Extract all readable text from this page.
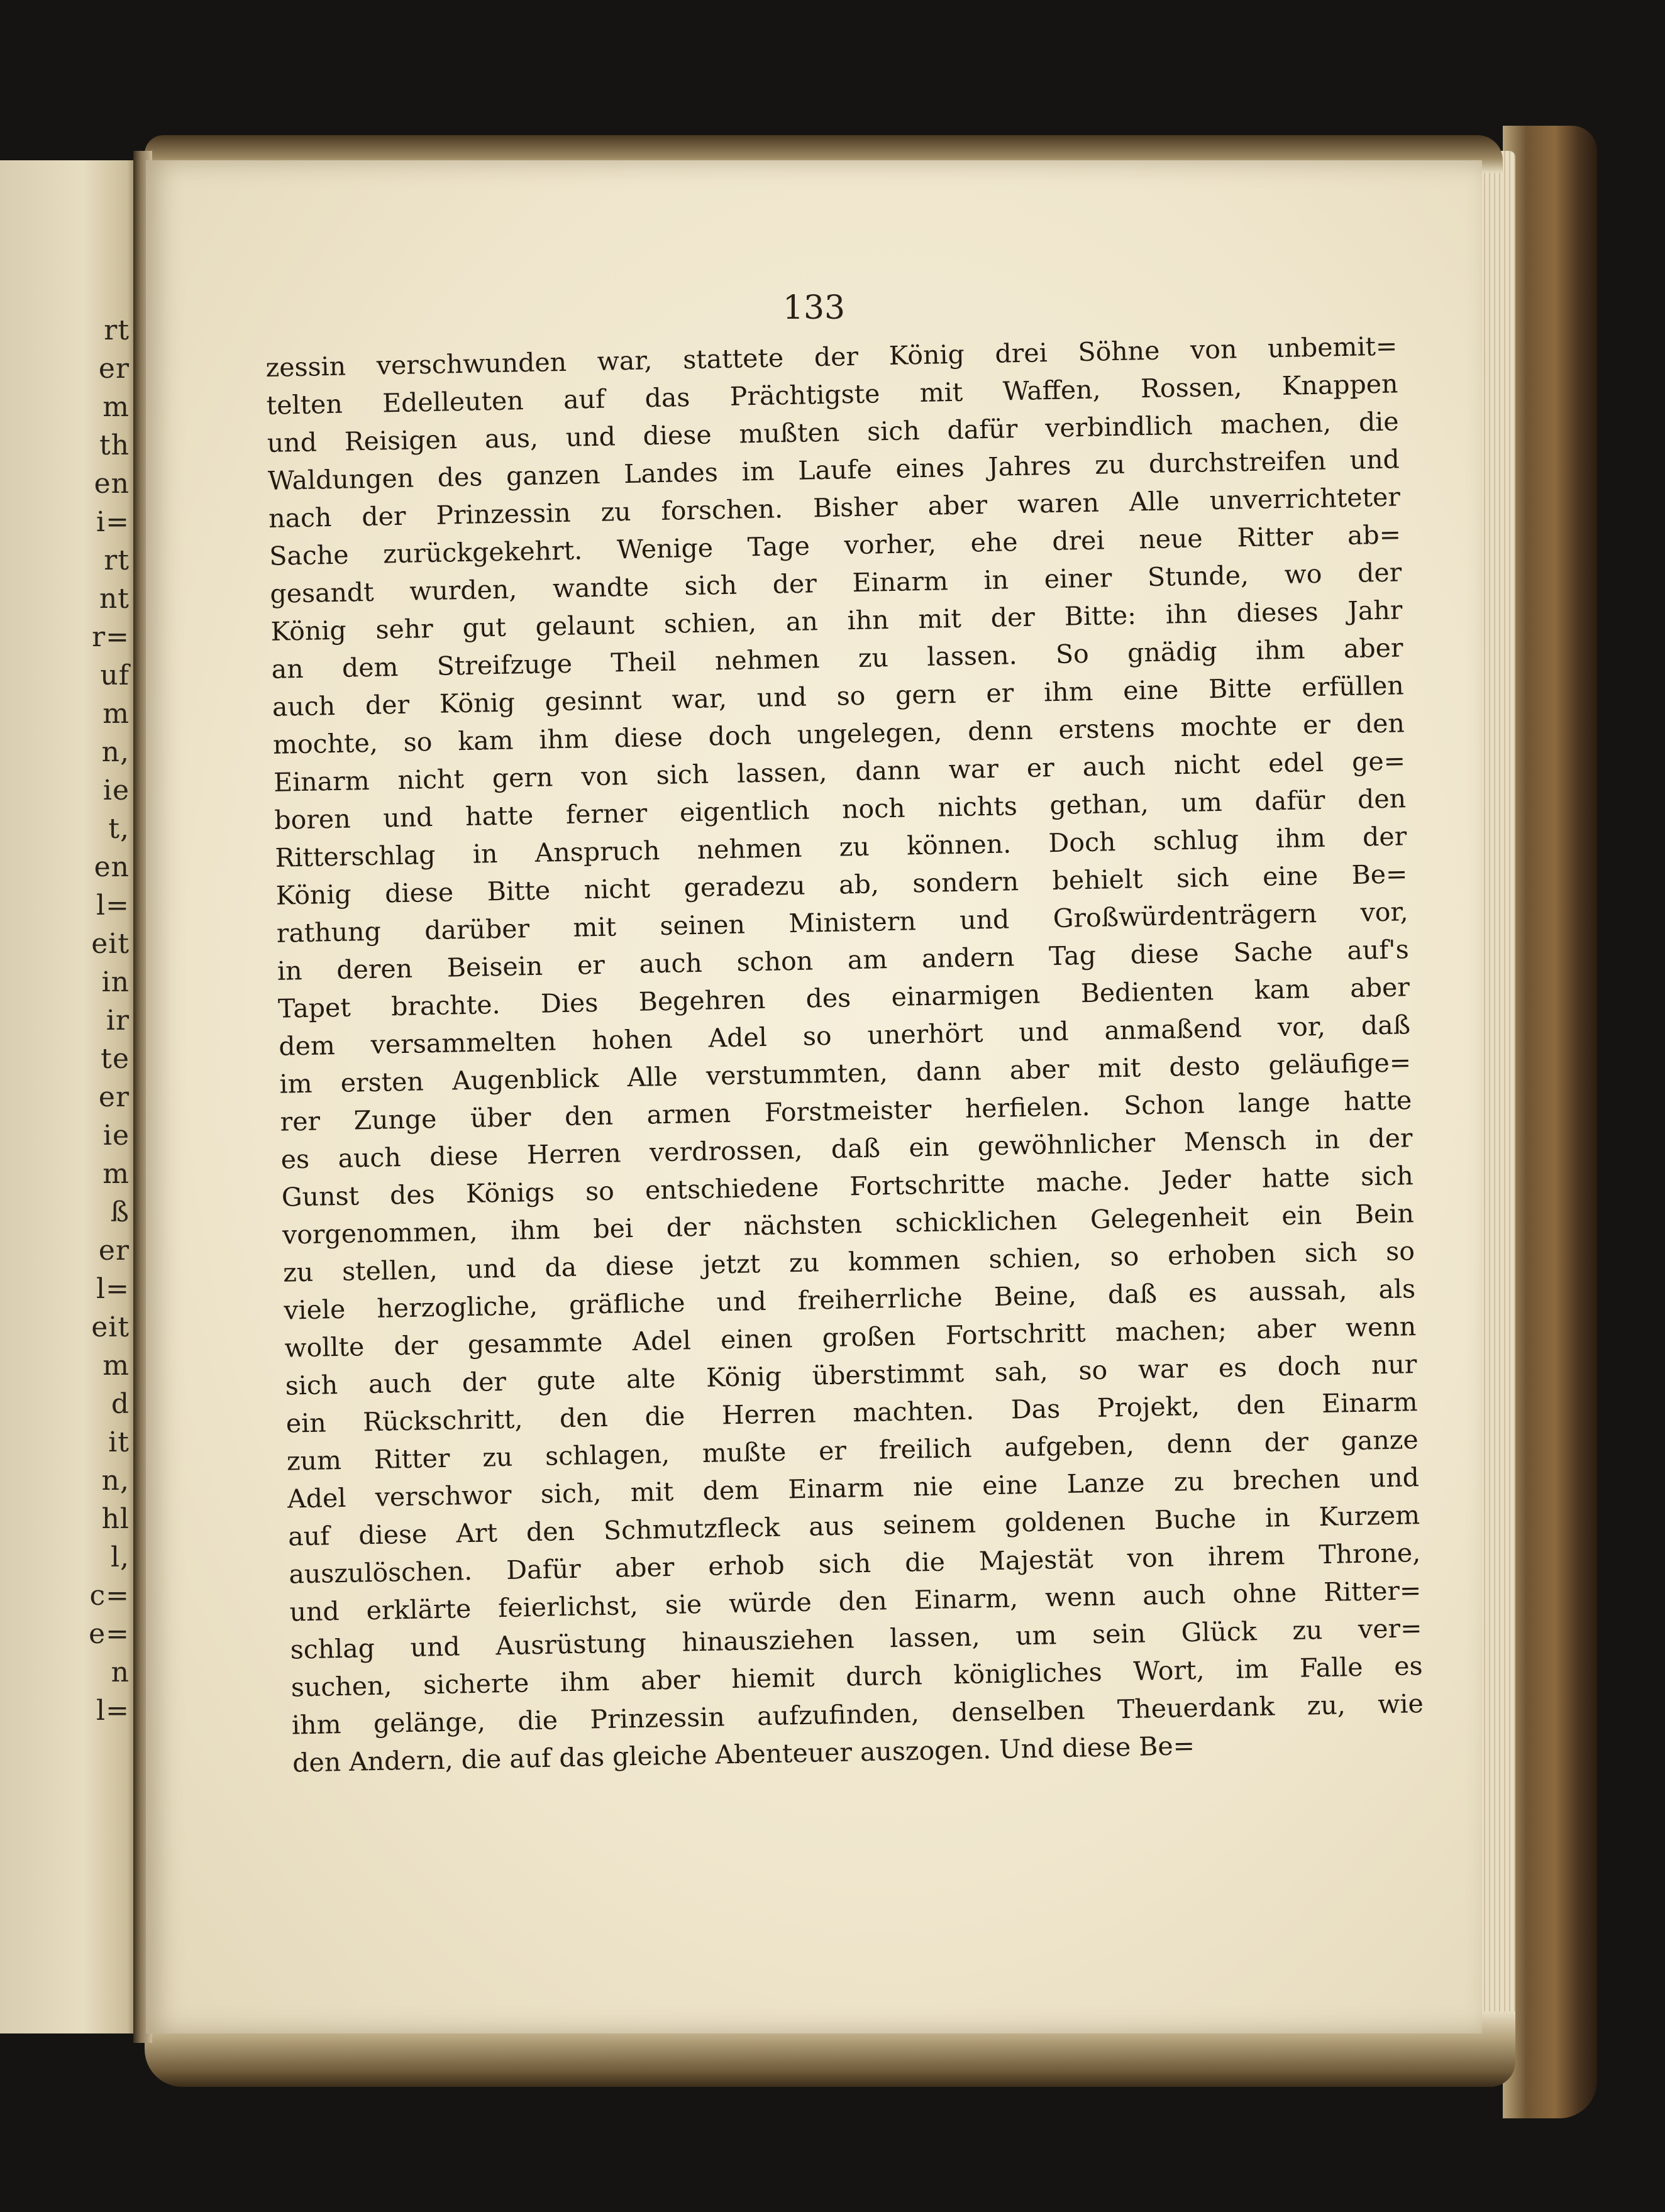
rt
er
m
th
en
i=
rt
nt
r=
uf
m
n,
ie
t,
en
l=
eit
in
ir
te
er
ie
m
ß
er
l=
eit
m
d
it
n,
hl
l,
c=
e=
n
l=
133
zessin verschwunden war, stattete der König drei Söhne von unbemit=
telten Edelleuten auf das Prächtigste mit Waffen, Rossen, Knappen
und Reisigen aus, und diese mußten sich dafür verbindlich machen, die
Waldungen des ganzen Landes im Laufe eines Jahres zu durchstreifen und
nach der Prinzessin zu forschen. Bisher aber waren Alle unverrichteter
Sache zurückgekehrt. Wenige Tage vorher, ehe drei neue Ritter ab=
gesandt wurden, wandte sich der Einarm in einer Stunde, wo der
König sehr gut gelaunt schien, an ihn mit der Bitte: ihn dieses Jahr
an dem Streifzuge Theil nehmen zu lassen. So gnädig ihm aber
auch der König gesinnt war, und so gern er ihm eine Bitte erfüllen
mochte, so kam ihm diese doch ungelegen, denn erstens mochte er den
Einarm nicht gern von sich lassen, dann war er auch nicht edel ge=
boren und hatte ferner eigentlich noch nichts gethan, um dafür den
Ritterschlag in Anspruch nehmen zu können. Doch schlug ihm der
König diese Bitte nicht geradezu ab, sondern behielt sich eine Be=
rathung darüber mit seinen Ministern und Großwürdenträgern vor,
in deren Beisein er auch schon am andern Tag diese Sache auf's
Tapet brachte. Dies Begehren des einarmigen Bedienten kam aber
dem versammelten hohen Adel so unerhört und anmaßend vor, daß
im ersten Augenblick Alle verstummten, dann aber mit desto geläufige=
rer Zunge über den armen Forstmeister herfielen. Schon lange hatte
es auch diese Herren verdrossen, daß ein gewöhnlicher Mensch in der
Gunst des Königs so entschiedene Fortschritte mache. Jeder hatte sich
vorgenommen, ihm bei der nächsten schicklichen Gelegenheit ein Bein
zu stellen, und da diese jetzt zu kommen schien, so erhoben sich so
viele herzogliche, gräfliche und freiherrliche Beine, daß es aussah, als
wollte der gesammte Adel einen großen Fortschritt machen; aber wenn
sich auch der gute alte König überstimmt sah, so war es doch nur
ein Rückschritt, den die Herren machten. Das Projekt, den Einarm
zum Ritter zu schlagen, mußte er freilich aufgeben, denn der ganze
Adel verschwor sich, mit dem Einarm nie eine Lanze zu brechen und
auf diese Art den Schmutzfleck aus seinem goldenen Buche in Kurzem
auszulöschen. Dafür aber erhob sich die Majestät von ihrem Throne,
und erklärte feierlichst, sie würde den Einarm, wenn auch ohne Ritter=
schlag und Ausrüstung hinausziehen lassen, um sein Glück zu ver=
suchen, sicherte ihm aber hiemit durch königliches Wort, im Falle es
ihm gelänge, die Prinzessin aufzufinden, denselben Theuerdank zu, wie
den Andern, die auf das gleiche Abenteuer auszogen. Und diese Be=
